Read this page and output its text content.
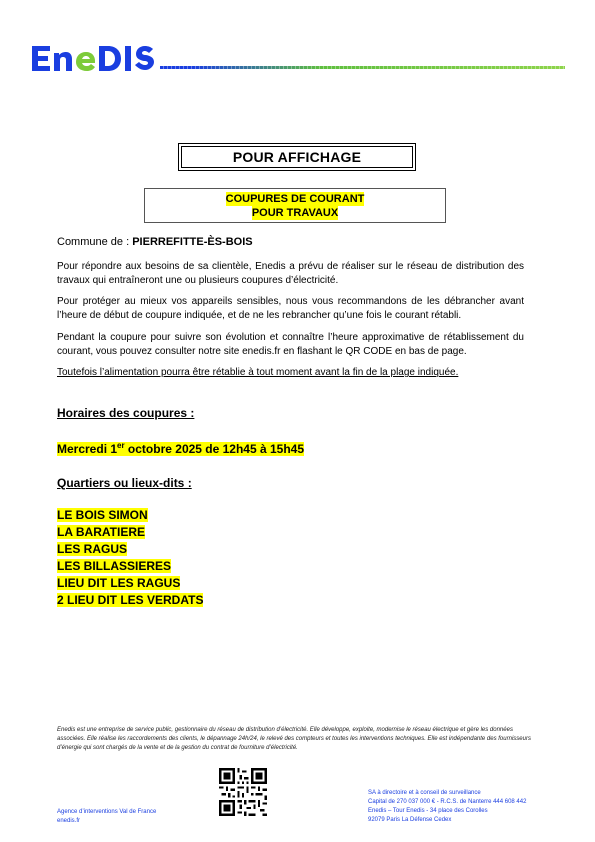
POUR AFFICHAGE
COUPURES DE COURANT
POUR TRAVAUX
Commune de : PIERREFITTE-ÈS-BOIS
Pour répondre aux besoins de sa clientèle, Enedis a prévu de réaliser sur le réseau de distribution des travaux qui entraîneront une ou plusieurs coupures d’électricité.
Pour protéger au mieux vos appareils sensibles, nous vous recommandons de les débrancher avant l’heure de début de coupure indiquée, et de ne les rebrancher qu’une fois le courant rétabli.
Pendant la coupure pour suivre son évolution et connaître l’heure approximative de rétablissement du courant, vous pouvez consulter notre site enedis.fr en flashant le QR CODE en bas de page.
Toutefois l’alimentation pourra être rétablie à tout moment avant la fin de la plage indiquée.
Horaires des coupures :
Mercredi 1er octobre 2025 de 12h45 à 15h45
Quartiers ou lieux-dits :
LE BOIS SIMON
LA BARATIERE
LES RAGUS
LES BILLASSIERES
LIEU DIT LES RAGUS
2 LIEU DIT LES VERDATS
Enedis est une entreprise de service public, gestionnaire du réseau de distribution d’électricité. Elle développe, exploite, modernise le réseau électrique et gère les données associées. Elle réalise les raccordements des clients, le dépannage 24h/24, le relevé des compteurs et toutes les interventions techniques. Elle est indépendante des fournisseurs d’énergie qui sont chargés de la vente et de la gestion du contrat de fourniture d’électricité.
Agence d’interventions Val de France
enedis.fr
SA à directoire et à conseil de surveillance
Capital de 270 037 000 € - R.C.S. de Nanterre 444 608 442
Enedis – Tour Enedis - 34 place des Corolles
92079 Paris La Défense Cedex
